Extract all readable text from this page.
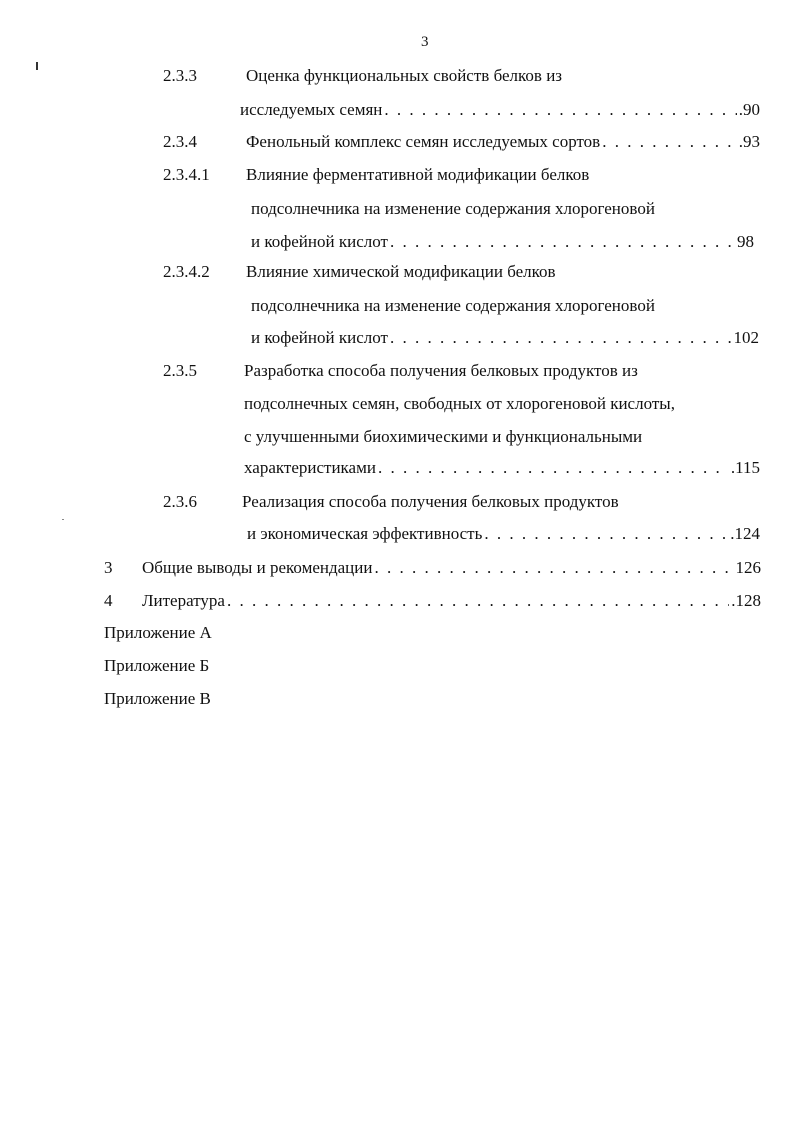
3
2.3.3	Оценка функциональных свойств белков из
исследуемых семян . . .	.90
2.3.4	Фенольный комплекс семян исследуемых сортов . . .	.93
2.3.4.1 Влияние ферментативной модификации белков
подсолнечника на изменение содержания хлорогеновой
и кофейной кислот . . .	98
2.3.4.2 Влияние химической модификации белков
подсолнечника на изменение содержания хлорогеновой
и кофейной кислот . . .	102
2.3.5	Разработка способа получения белковых продуктов из
подсолнечных семян, свободных от хлорогеновой кислоты,
с улучшенными биохимическими и функциональными
характеристиками . . .	.115
2.3.6	Реализация способа получения белковых продуктов
и экономическая эффективность . . .	.124
3 Общие выводы и рекомендации . . .	126
4 Литература . . .	.128
Приложение А
Приложение Б
Приложение В
